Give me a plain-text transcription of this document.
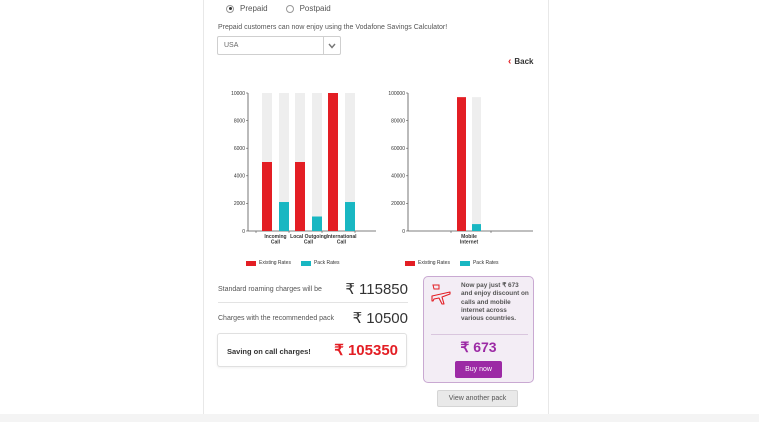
Prepaid	Postpaid
Prepaid customers can now enjoy using the Vodafone Savings Calculator!
USA
‹ Back
0
2000
4000
6000
8000
10000
Incoming
Call
Local Outgoing
Call
International
Call
0
20000
40000
60000
80000
100000
Mobile
Internet
Existing Rates	Pack Rates	Existing Rates	Pack Rates
Standard roaming charges will be ₹ 115850
Charges with the recommended pack ₹ 10500
Saving on call charges! ₹ 105350
Now pay just ₹ 673 and enjoy discount on calls and mobile internet across various countries.
₹ 673
Buy now
View another pack
